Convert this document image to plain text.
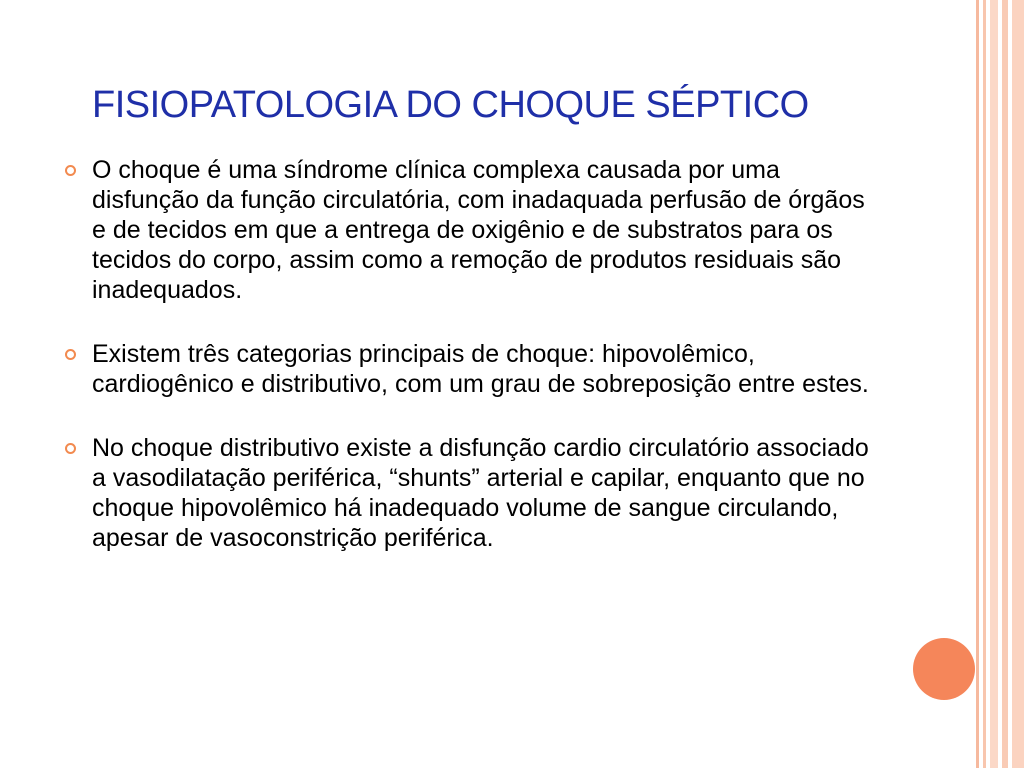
FISIOPATOLOGIA DO CHOQUE SÉPTICO
O choque é uma síndrome clínica complexa causada por uma disfunção da função circulatória, com inadaquada perfusão de órgãos e de tecidos em que a entrega de oxigênio e de substratos para os tecidos do corpo, assim como a remoção de produtos residuais são inadequados.
Existem três categorias principais de choque: hipovolêmico, cardiogênico e distributivo, com um grau de sobreposição entre estes.
No choque distributivo existe a disfunção cardio circulatório associado a vasodilatação periférica, “shunts” arterial e capilar, enquanto que no choque hipovolêmico há inadequado volume de sangue circulando, apesar de vasoconstrição periférica.
